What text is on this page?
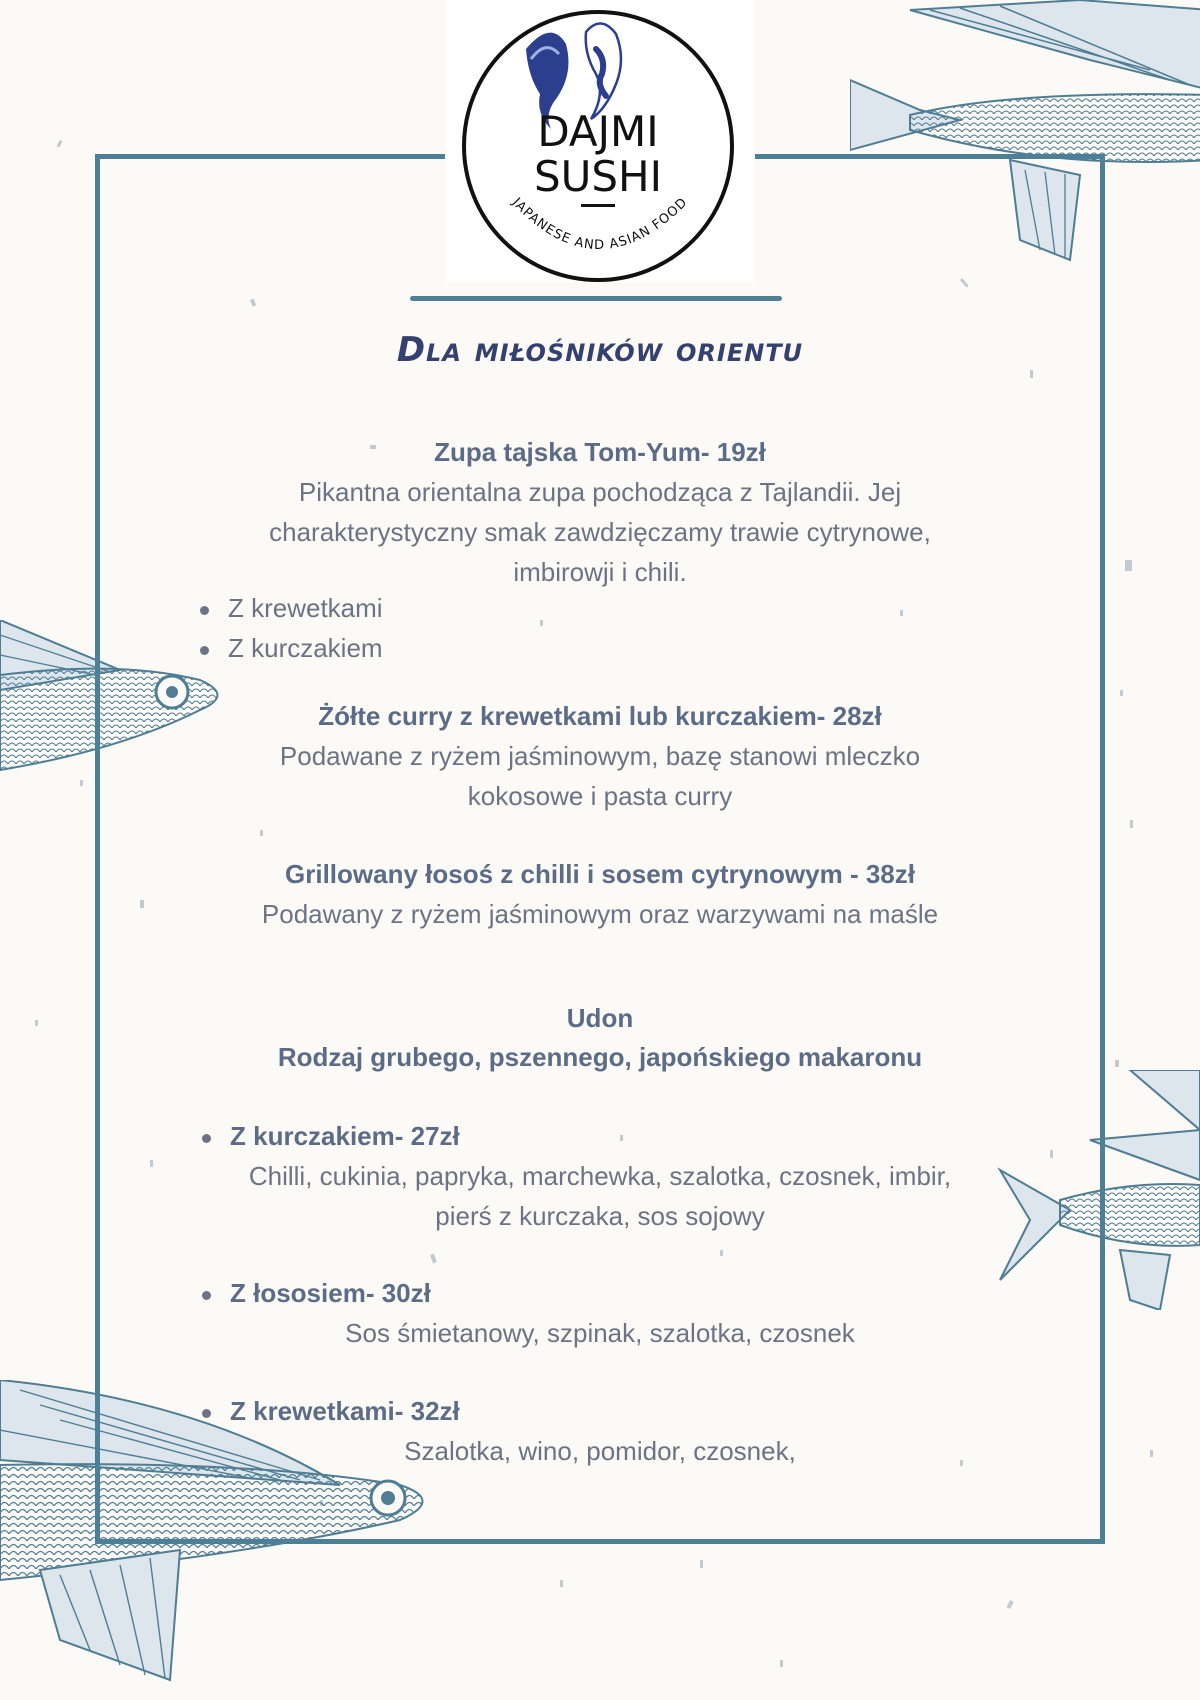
DAJMI
SUSHI
JAPANESE AND ASIAN FOOD
Dla miłośników orientu
Zupa tajska Tom-Yum- 19zł
Pikantna orientalna zupa pochodząca z Tajlandii. Jej
charakterystyczny smak zawdzięczamy trawie cytrynowe,
imbirowji i chili.
Z krewetkami
Z kurczakiem
Żółte curry z krewetkami lub kurczakiem- 28zł
Podawane z ryżem jaśminowym, bazę stanowi mleczko
kokosowe i pasta curry
Grillowany łosoś z chilli i sosem cytrynowym - 38zł
Podawany z ryżem jaśminowym oraz warzywami na maśle
Udon
Rodzaj grubego, pszennego, japońskiego makaronu
Z kurczakiem- 27zł
Chilli, cukinia, papryka, marchewka, szalotka, czosnek, imbir,
pierś z kurczaka, sos sojowy
Z łososiem- 30zł
Sos śmietanowy, szpinak, szalotka, czosnek
Z krewetkami- 32zł
Szalotka, wino, pomidor, czosnek,
